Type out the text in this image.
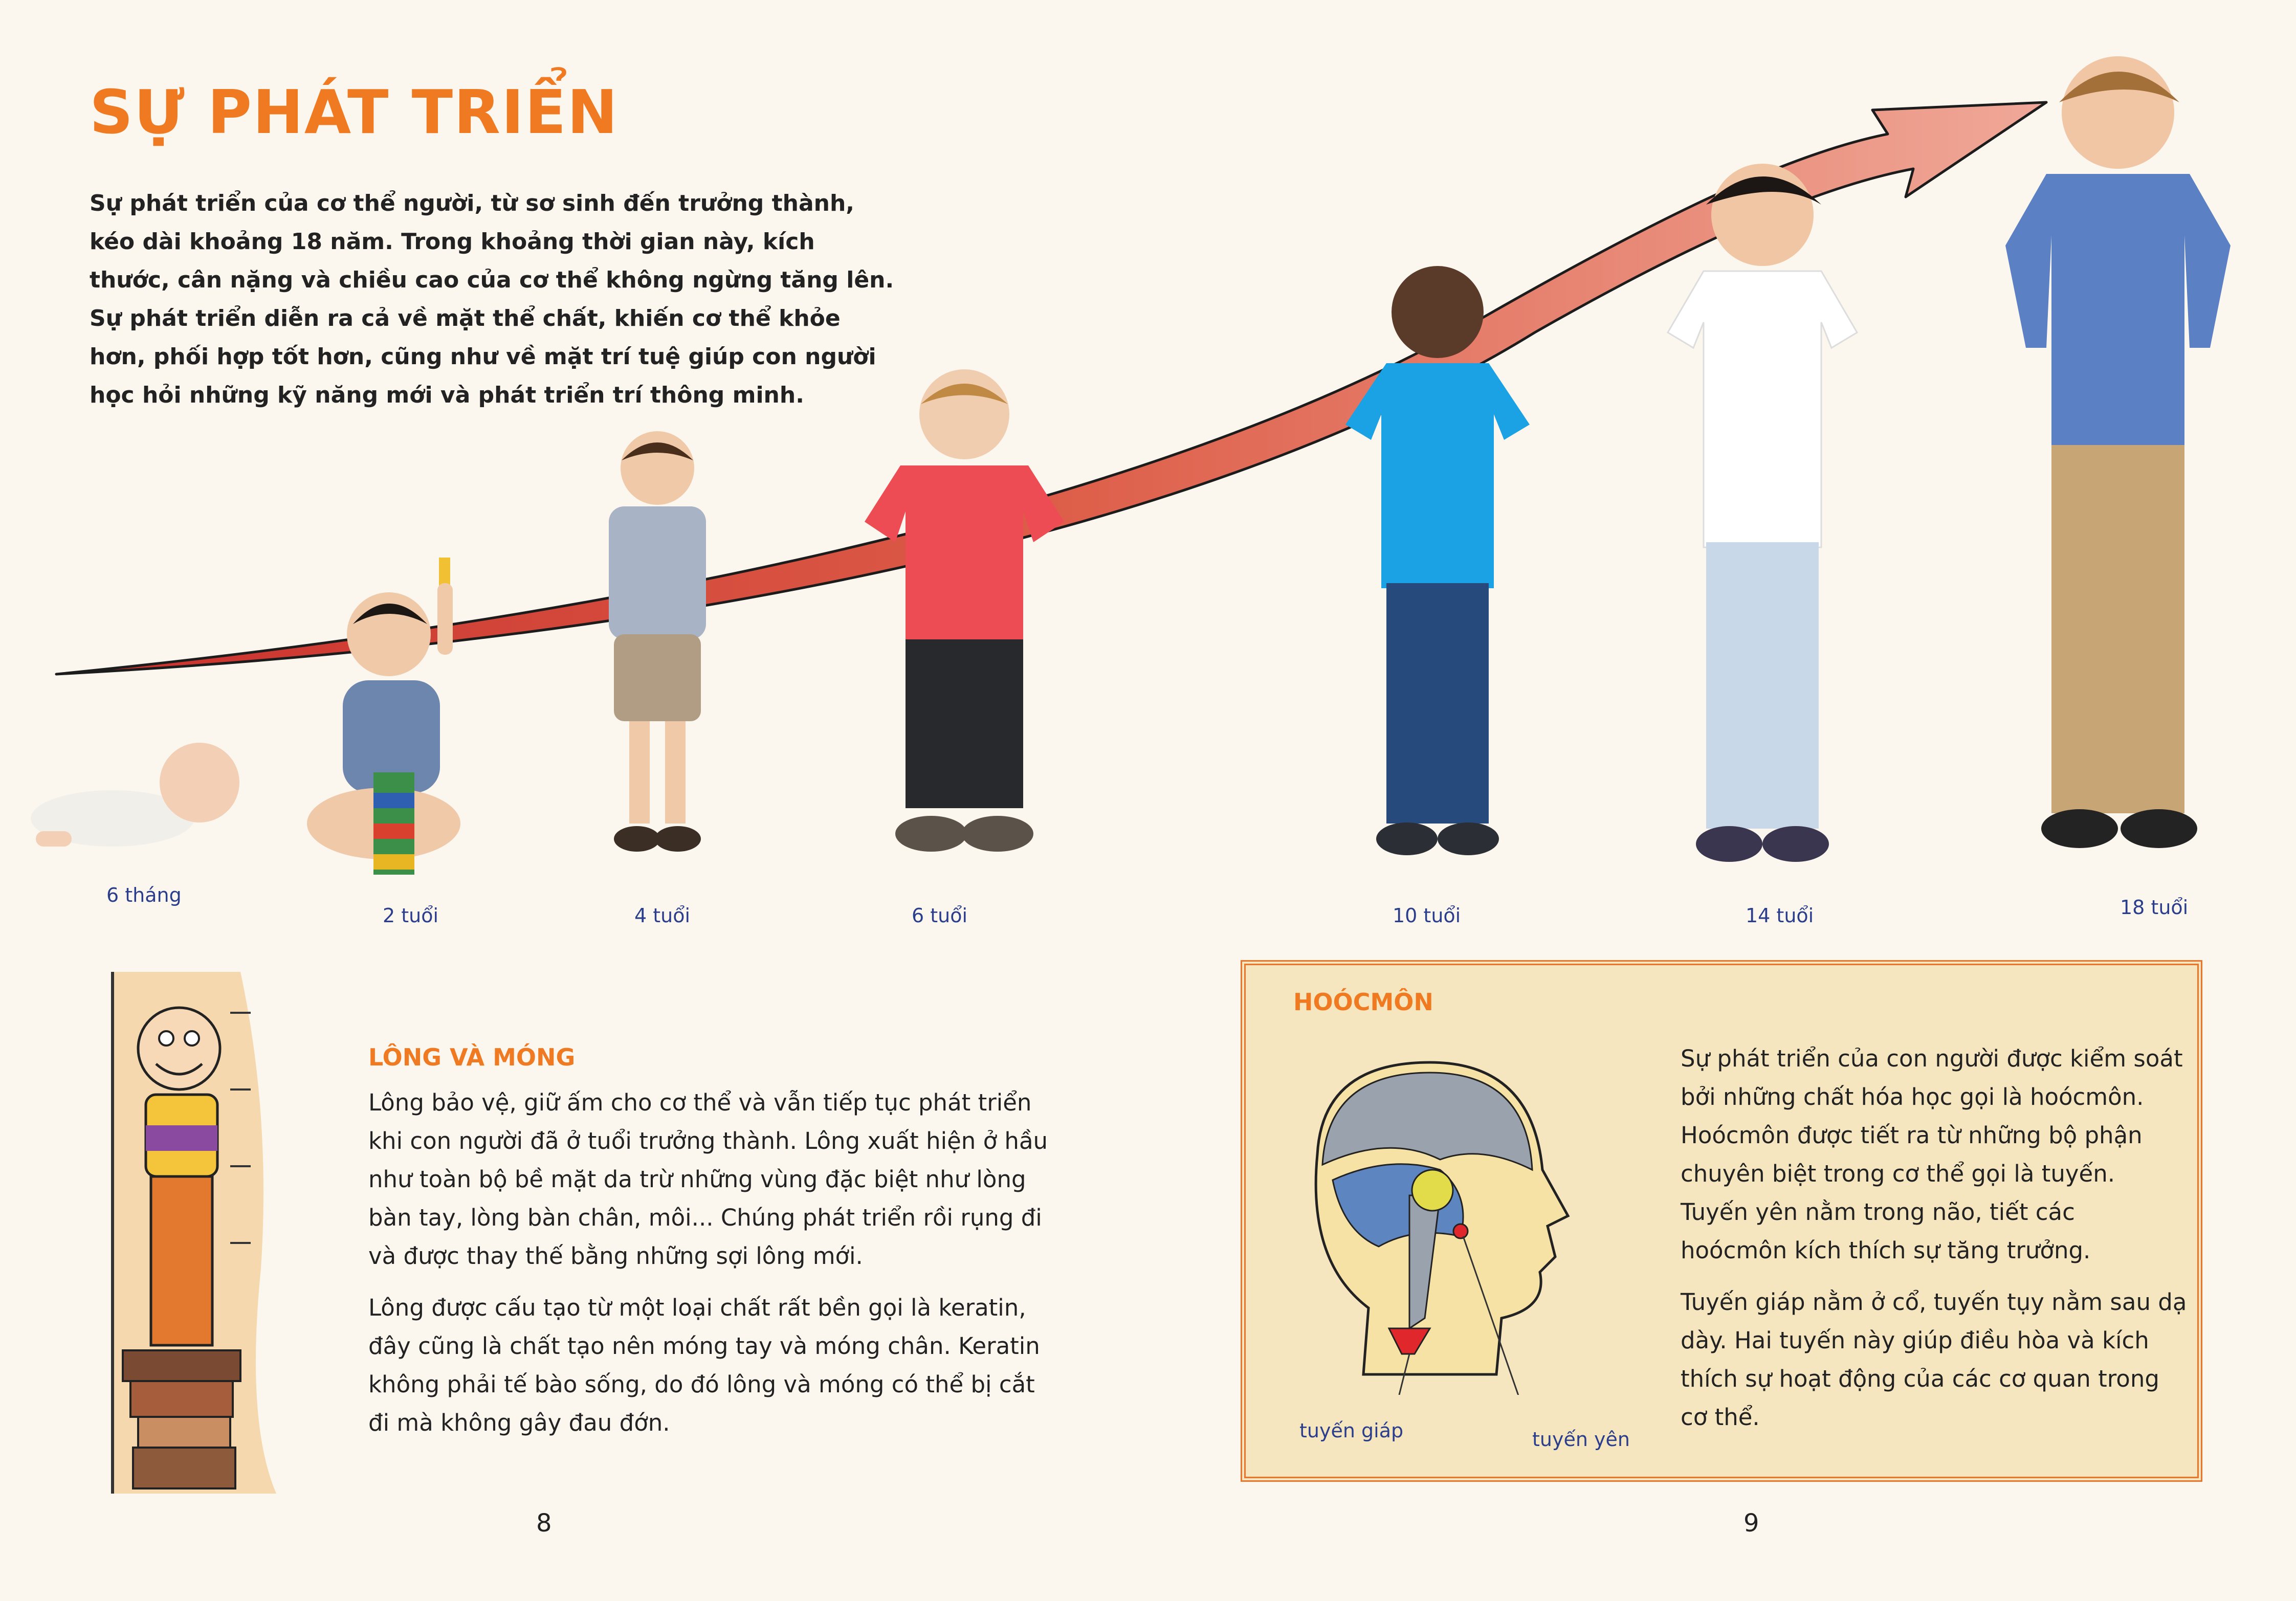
SỰ PHÁT TRIỂN
Sự phát triển của cơ thể người, từ sơ sinh đến trưởng thành, kéo dài khoảng 18 năm. Trong khoảng thời gian này, kích thước, cân nặng và chiều cao của cơ thể không ngừng tăng lên. Sự phát triển diễn ra cả về mặt thể chất, khiến cơ thể khỏe hơn, phối hợp tốt hơn, cũng như về mặt trí tuệ giúp con người học hỏi những kỹ năng mới và phát triển trí thông minh.
6 tháng
2 tuổi	4 tuổi	6 tuổi	10 tuổi	14 tuổi	18 tuổi
LÔNG VÀ MÓNG

Lông bảo vệ, giữ ấm cho cơ thể và vẫn tiếp tục phát triển khi con người đã ở tuổi trưởng thành. Lông xuất hiện ở hầu như toàn bộ bề mặt da trừ những vùng đặc biệt như lòng bàn tay, lòng bàn chân, môi... Chúng phát triển rồi rụng đi và được thay thế bằng những sợi lông mới.

Lông được cấu tạo từ một loại chất rất bền gọi là keratin, đây cũng là chất tạo nên móng tay và móng chân. Keratin không phải tế bào sống, do đó lông và móng có thể bị cắt đi mà không gây đau đớn.

HOÓCMÔN
tuyến giáp	tuyến yên

Sự phát triển của con người được kiểm soát bởi những chất hóa học gọi là hoócmôn. Hoócmôn được tiết ra từ những bộ phận chuyên biệt trong cơ thể gọi là tuyến. Tuyến yên nằm trong não, tiết các hoócmôn kích thích sự tăng trưởng.

Tuyến giáp nằm ở cổ, tuyến tụy nằm sau dạ dày. Hai tuyến này giúp điều hòa và kích thích sự hoạt động của các cơ quan trong cơ thể.

8	9
